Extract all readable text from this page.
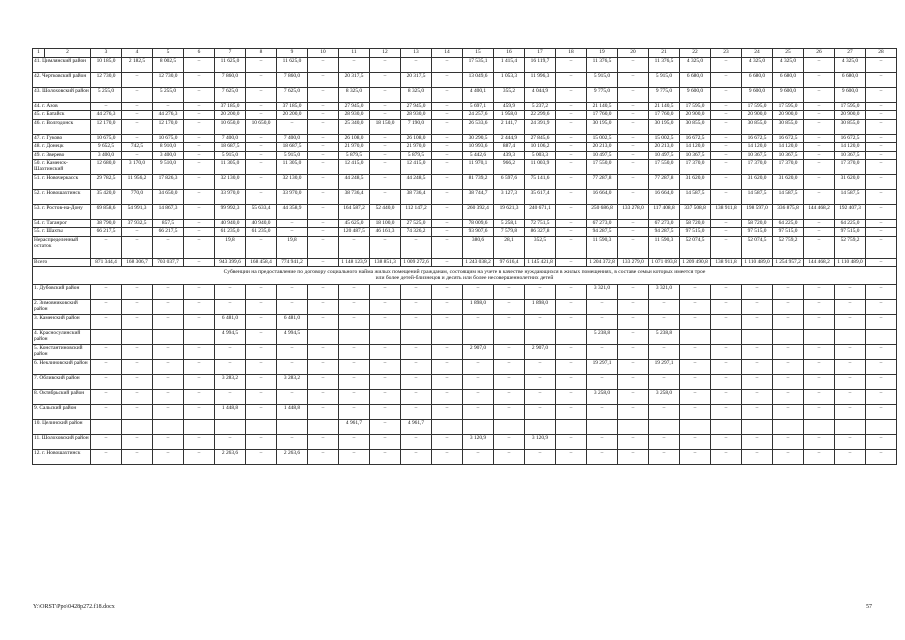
1	2	3	4	5	6	7	8	9	10	11	12	13	14	15	16	17	18	19	20	21	22	23	24	25	26	27	28
41. Цимлянский район		10 185,0	2 182,5	8 002,5	–	11 625,0	–	11 625,0	–	–	–	–	–	17 535,1	1 415,4	16 119,7	–	11 376,5	–	11 376,5	4 325,0	–	4 325,0	4 325,0	–	4 325,0	–
42. Чертковский район		12 730,0	–	12 730,0	–	7 860,0	–	7 860,0	–	20 317,5	–	20 317,5	–	13 049,6	1 053,3	11 996,3	–	5 915,0	–	5 915,0	6 680,0	–	6 680,0	6 680,0	–	6 680,0	–
43. Шолоховский район		5 255,0	–	5 255,0	–	7 625,0	–	7 625,0	–	8 325,0	–	8 325,0	–	4 400,1	355,2	4 044,9	–	9 775,0	–	9 775,0	9 600,0	–	9 600,0	9 600,0	–	9 600,0	–
44. г. Азов		–	–	–	–	37 185,0	–	37 185,0	–	27 945,0	–	27 945,0	–	5 697,1	459,9	5 237,2	–	21 140,5	–	21 140,5	17 595,0	–	17 595,0	17 595,0	–	17 595,0	–
45. г. Батайск		44 276,3	–	44 276,3	–	20 200,0	–	20 200,0	–	28 930,0	–	28 930,0	–	24 257,6	1 958,0	22 299,6	–	17 760,0	–	17 760,0	20 900,0	–	20 900,0	20 900,0	–	20 900,0	–
46. г. Волгодонск		12 170,0	–	12 170,0	–	10 650,0	10 650,0	–	–	25 340,0	18 150,0	7 190,0	–	26 533,6	2 141,7	24 391,9	–	30 195,0	–	30 195,0	30 855,0	–	30 855,0	30 855,0	–	30 855,0	–
47. г. Гуково		10 675,0	–	10 675,0	–	7 400,0	–	7 400,0	–	26 108,0	–	26 108,0	–	30 290,5	2 444,9	27 845,6	–	15 002,5	–	15 002,5	16 672,5	–	16 672,5	16 672,5	–	16 672,5	–
48. г. Донецк		9 652,5	742,5	8 910,0	–	18 687,5	–	18 687,5	–	21 970,0	–	21 970,0	–	10 993,6	887,4	10 106,2	–	20 213,0	–	20 213,0	14 120,0	–	14 120,0	14 120,0	–	14 120,0	–
49. г. Зверево		3 400,0	–	3 400,0	–	5 915,0	–	5 915,0	–	5 879,5	–	5 879,5	–	5 442,6	439,3	5 003,3	–	10 497,5	–	10 497,5	10 367,5	–	10 367,5	10 367,5	–	10 367,5	–
50. г. Каменск-Шахтинский		12 680,0	3 170,0	9 510,0	–	11 305,0	–	11 305,0	–	12 415,0	–	12 415,0	–	11 970,1	966,2	11 003,9	–	17 550,0	–	17 550,0	17 370,0	–	17 370,0	17 370,0	–	17 370,0	–
51. г. Новочеркасск		29 782,5	11 956,2	17 826,3	–	32 130,0	–	32 130,0	–	44 248,5	–	44 248,5	–	81 739,2	6 597,6	75 141,6	–	77 287,8	–	77 287,8	31 620,0	–	31 620,0	31 620,0	–	31 620,0	–
52. г. Новошахтинск		35 420,0	770,0	34 650,0	–	33 970,0	–	33 970,0	–	38 736,4	–	38 736,4	–	38 744,7	3 127,3	35 617,4	–	16 664,0	–	16 664,0	14 587,5	–	14 587,5	14 587,5	–	14 587,5	–
53. г. Ростов-на-Дону		69 858,6	54 991,3	14 867,3	–	99 992,3	55 633,4	44 358,9	–	164 587,2	52 440,0	112 147,2	–	260 392,4	19 621,3	240 671,1	–	250 686,8	133 278,0	117 408,8	337 508,8	138 911,8	198 597,0	336 875,8	144 468,2	192 407,3	–
54. г. Таганрог		38 790,0	37 932,5	857,5	–	40 940,0	40 940,0	–	–	45 625,0	18 100,0	27 525,0	–	78 009,6	5 258,1	72 751,5	–	67 273,0	–	67 273,0	58 720,0	–	58 720,0	64 225,0	–	64 225,0	–
55. г. Шахты		66 217,5	–	66 217,5	–	61 235,0	61 235,0	–	–	120 487,5	46 161,3	74 326,2	–	93 907,6	7 579,8	86 327,8	–	94 287,5	–	94 287,5	97 515,0	–	97 515,0	97 515,0	–	97 515,0	–
Нераспределенный остаток		–	–	–	–	19,8	–	19,8	–	–	–	–	–	380,6	28,1	352,5	–	11 590,3	–	11 590,3	52 074,5	–	52 074,5	52 759,2	–	52 759,2	–
Всего		871 344,4	168 306,7	703 037,7	–	943 399,6	168 458,4	774 941,2	–	1 148 123,9	138 851,3	1 009 272,6	–	1 243 038,2	97 616,4	1 145 421,8	–	1 204 372,8	133 279,0	1 071 093,8	1 209 490,8	138 911,8	1 110 489,0	1 254 957,2	144 468,2	1 110 489,0	–
Субвенции на предоставление по договору социального найма жилых помещений гражданам, состоящим на учете в качестве нуждающихся в жилых помещениях, в составе семьи которых имеется трое или более детей-близнецов и десять или более несовершеннолетних детей																											
1. Дубовский район		–	–	–	–	–	–	–	–	–	–	–	–	–	–	–	–	3 321,0	–	3 321,0	–	–	–	–	–	–	–
2. Зимовниковский район		–	–	–	–	–	–	–	–	–	–	–	–	1 898,0	–	1 898,0	–	–	–	–	–	–	–	–	–	–	–
3. Каменский район		–	–	–	–	6 481,0	–	6 481,0	–	–	–	–	–	–	–	–	–	–	–	–	–	–	–	–	–	–	–
4. Красносулинский район						4 994,5	–	4 994,5										5 238,8	–	5 238,8							
5. Константиновский район		–	–	–	–	–	–	–	–	–	–	–	–	2 907,0	–	2 907,0	–	–	–	–	–	–	–	–	–	–	–
6. Неклиновский район		–	–	–	–	–	–	–	–	–	–	–	–	–	–	–	–	19 297,1	–	19 297,1	–	–	–	–	–	–	–
7. Обливский район		–	–	–	–	3 283,2	–	3 283,2	–	–	–	–	–	–	–	–	–	–	–	–	–	–	–	–	–	–	–
8. Октябрьский район		–	–	–	–	–	–	–	–	–	–	–	–	–	–	–	–	3 258,0	–	3 258,0	–	–	–	–	–	–	–
9. Сальский район		–	–	–	–	1 448,8	–	1 448,8	–	–	–	–	–	–	–	–	–	–	–	–	–	–	–	–	–	–	–
10. Целинский район										4 961,7	–	4 961,7															
11. Шолоховский район		–	–	–	–	–	–	–	–	–	–	–	–	3 120,9	–	3 120,9	–	–	–	–	–	–	–	–	–	–	–
12. г. Новошахтинск		–	–	–	–	2 263,6	–	2 263,6	–	–	–	–	–	–	–	–	–	–	–	–	–	–	–	–	–	–	–
Y:\ORST\Ppo\0428p272.f18.docx	57
